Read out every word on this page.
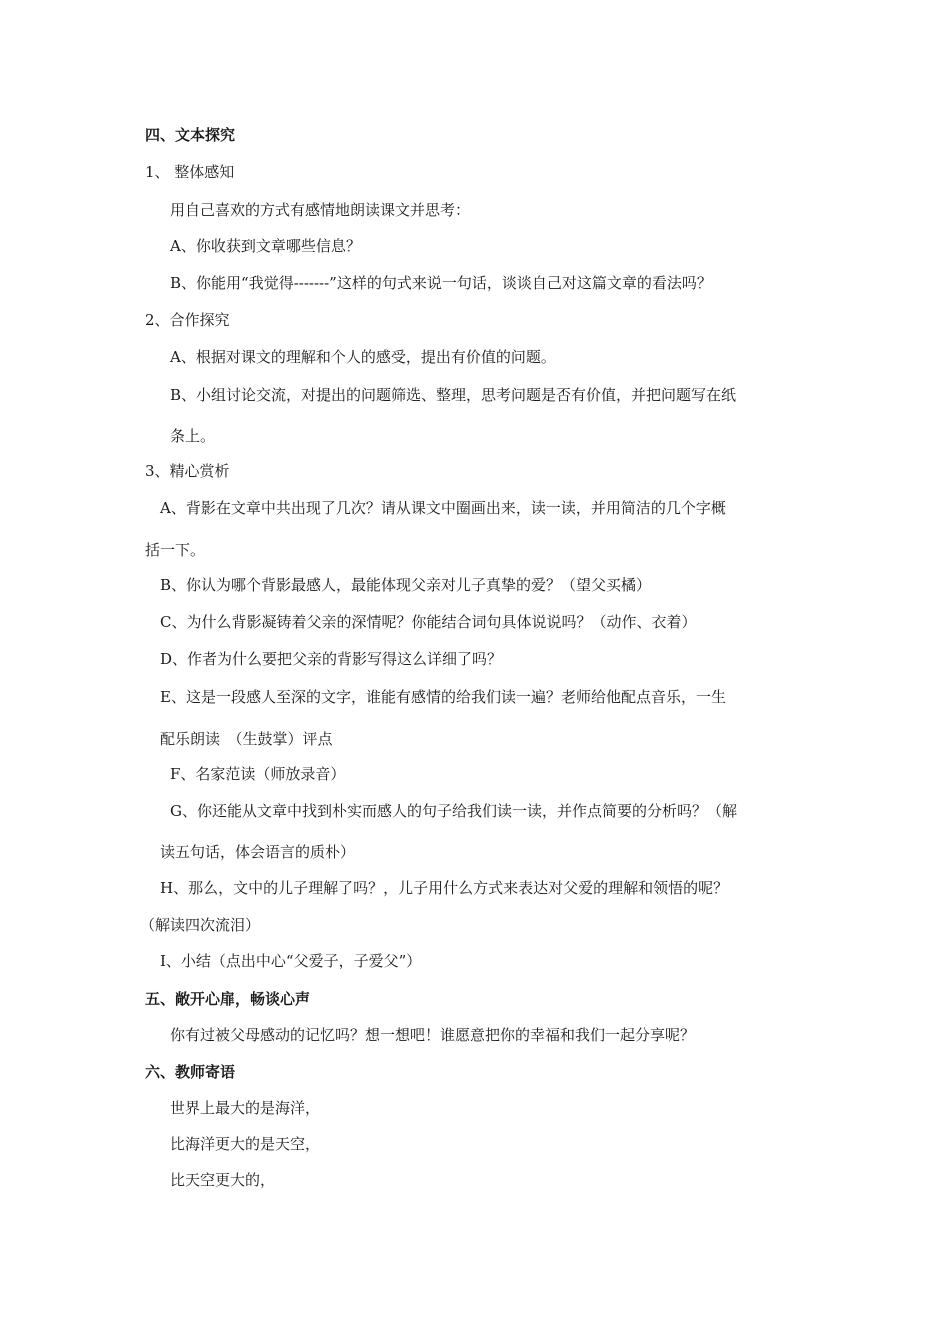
四、文本探究
1、 整体感知
用自己喜欢的方式有感情地朗读课文并思考：
A、你收获到文章哪些信息？
B、你能用“我觉得-------”这样的句式来说一句话，谈谈自己对这篇文章的看法吗？
2、合作探究
A、根据对课文的理解和个人的感受，提出有价值的问题。
B、小组讨论交流，对提出的问题筛选、整理，思考问题是否有价值，并把问题写在纸
条上。
3、精心赏析
A、背影在文章中共出现了几次？请从课文中圈画出来，读一读，并用简洁的几个字概
括一下。
B、你认为哪个背影最感人，最能体现父亲对儿子真挚的爱？（望父买橘）
C、为什么背影凝铸着父亲的深情呢？你能结合词句具体说说吗？（动作、衣着）
D、作者为什么要把父亲的背影写得这么详细了吗？
E、这是一段感人至深的文字，谁能有感情的给我们读一遍？老师给他配点音乐，一生
配乐朗读　（生鼓掌）评点
F、名家范读（师放录音）
G、你还能从文章中找到朴实而感人的句子给我们读一读，并作点简要的分析吗？（解
读五句话，体会语言的质朴）
H、那么，文中的儿子理解了吗？，儿子用什么方式来表达对父爱的理解和领悟的呢？
（解读四次流泪）
I、小结（点出中心“父爱子，子爱父”）
五、敞开心扉，畅谈心声
你有过被父母感动的记忆吗？想一想吧！谁愿意把你的幸福和我们一起分享呢？
六、教师寄语
世界上最大的是海洋，
比海洋更大的是天空，
比天空更大的，
